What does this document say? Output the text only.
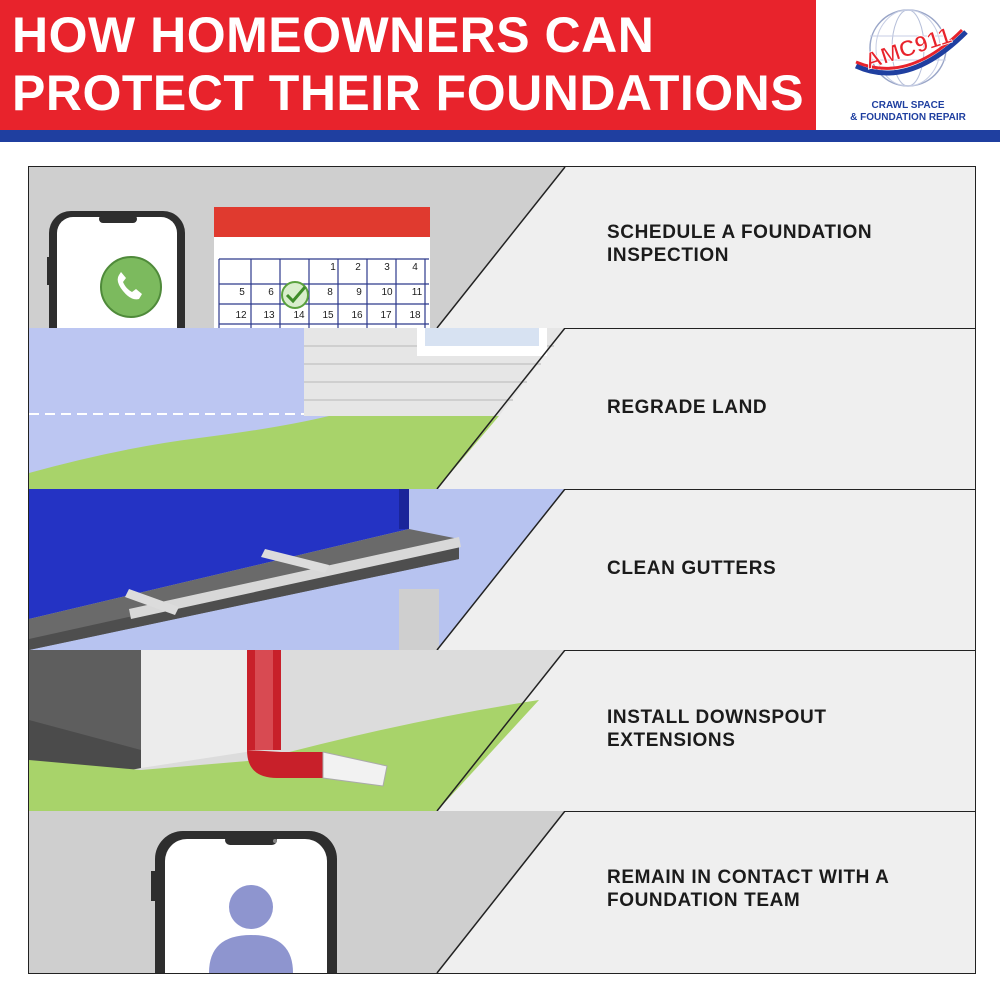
HOW HOMEOWNERS CAN
PROTECT THEIR FOUNDATIONS
AMC911
CRAWL SPACE
& FOUNDATION REPAIR
1 2 3 4
5 6	8 9 10 11
12 13 14 15 16 17 18
SCHEDULE A FOUNDATION
INSPECTION
REGRADE LAND
CLEAN GUTTERS
INSTALL DOWNSPOUT
EXTENSIONS
REMAIN IN CONTACT WITH A
FOUNDATION TEAM
